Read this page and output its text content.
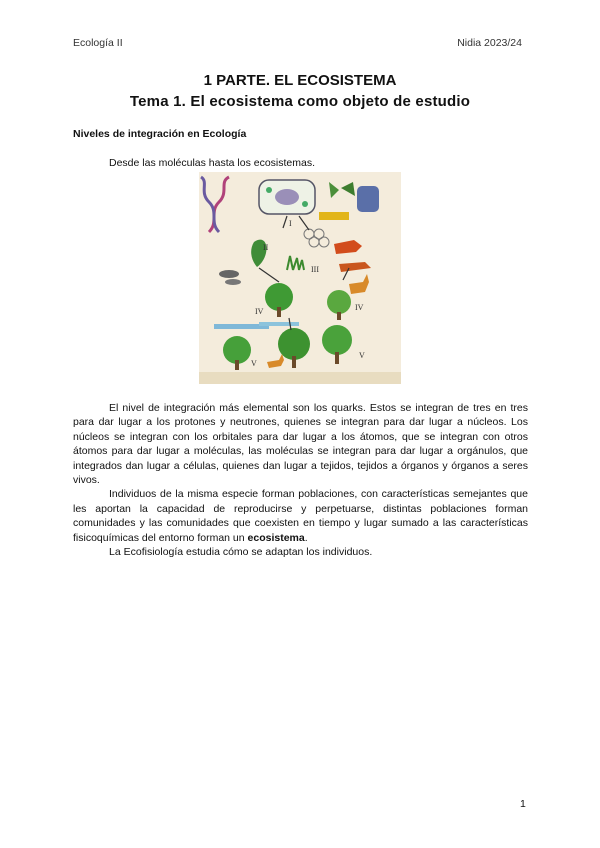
Ecología II	Nidia 2023/24
1 PARTE. EL ECOSISTEMA
Tema 1. El ecosistema como objeto de estudio
Niveles de integración en Ecología
Desde las moléculas hasta los ecosistemas.
II
III
IV
IV
V
V
I

El nivel de integración más elemental son los quarks. Estos se integran de tres en tres para dar lugar a los protones y neutrones, quienes se integran para dar lugar a núcleos. Los núcleos se integran con los orbitales para dar lugar a los átomos, que se integran con otros átomos para dar lugar a moléculas, las moléculas se integran para dar lugar a orgánulos, que integrados dan lugar a células, quienes dan lugar a tejidos, tejidos a órganos y órganos a seres vivos.

Individuos de la misma especie forman poblaciones, con características semejantes que les aportan la capacidad de reproducirse y perpetuarse, distintas poblaciones forman comunidades y las comunidades que coexisten en tiempo y lugar sumado a las características fisicoquímicas del entorno forman un ecosistema.

La Ecofisiología estudia cómo se adaptan los individuos.

1
